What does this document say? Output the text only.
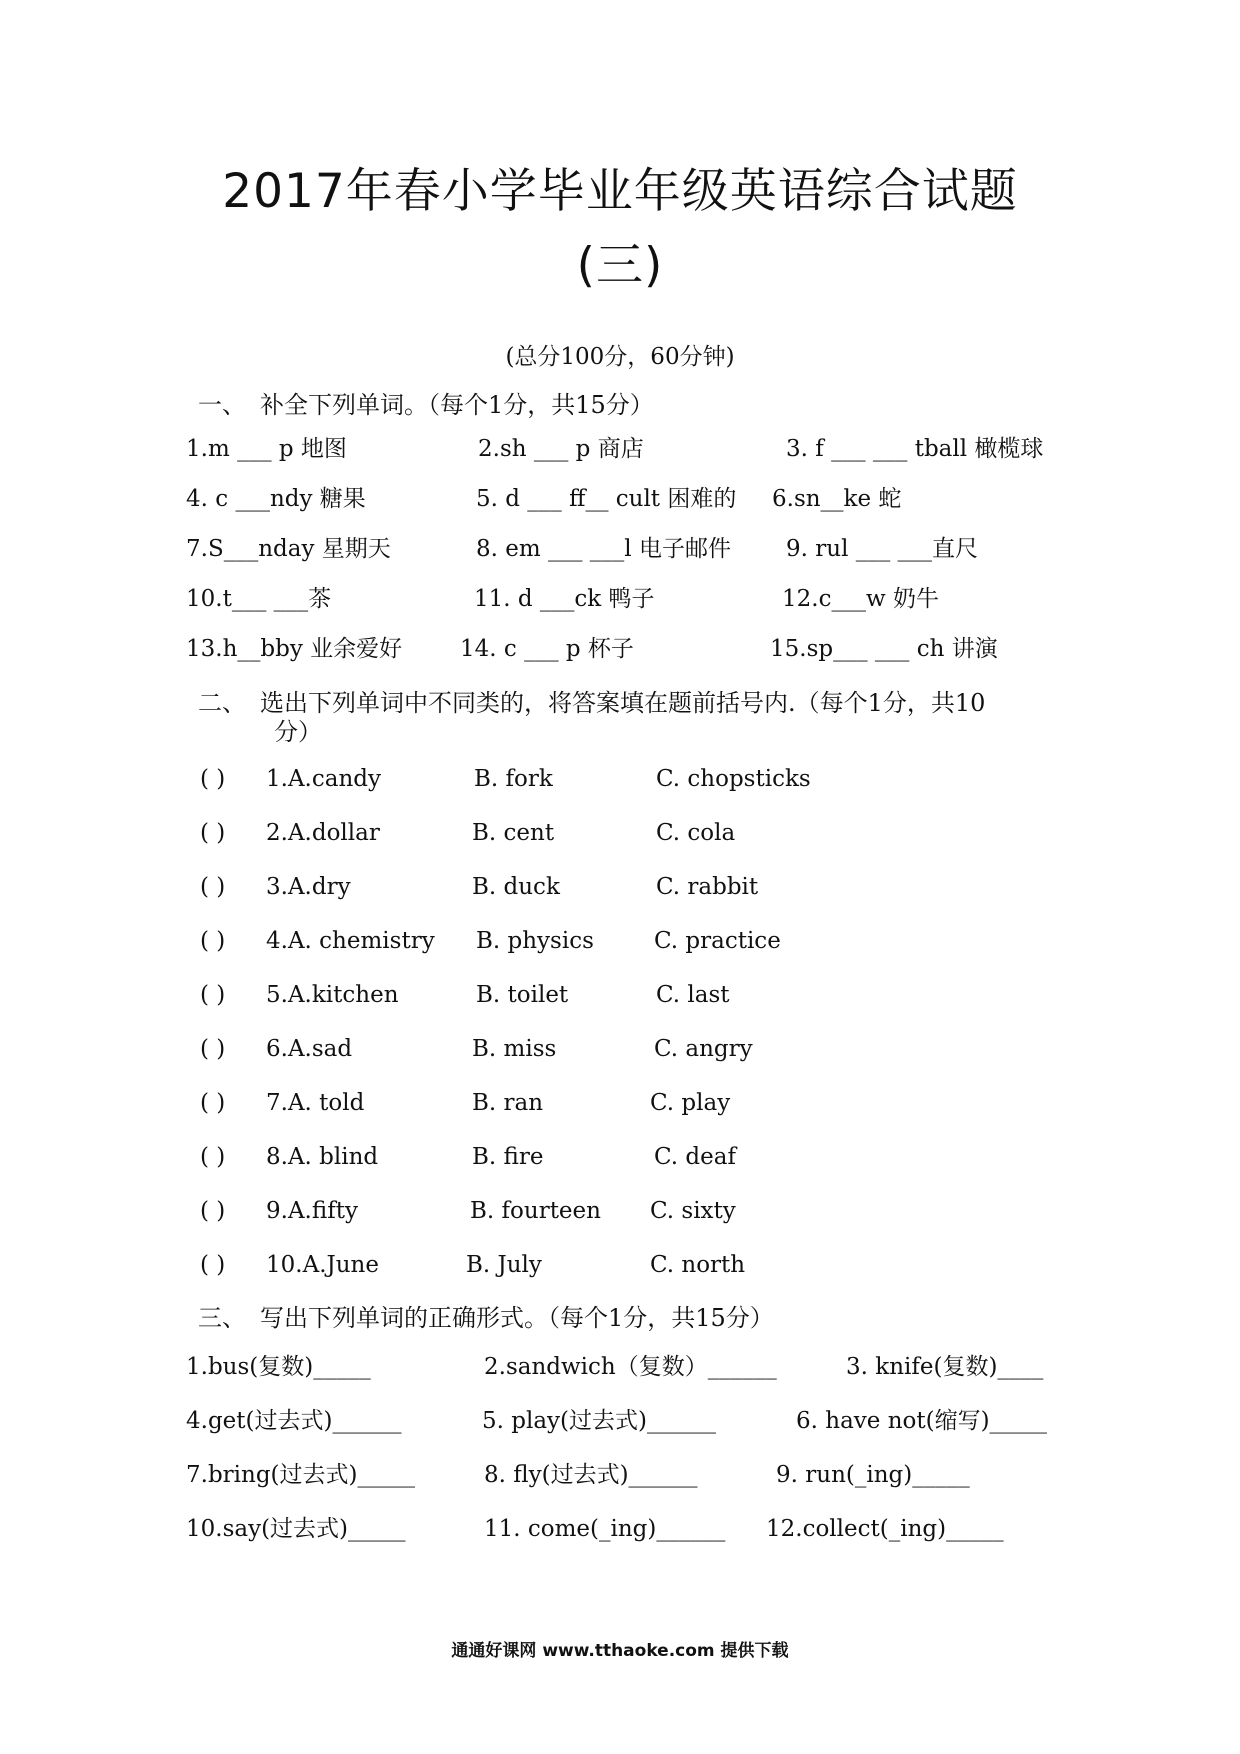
2017年春小学毕业年级英语综合试题
(三)
(总分100分，60分钟)
一、 补全下列单词。（每个1分，共15分）
1.m ___ p 地图	2.sh ___ p 商店	3. f ___ ___ tball 橄榄球
4. c ___ndy 糖果	5. d ___ ff__ cult 困难的 6.sn__ke 蛇
7.S___nday 星期天	8. em ___ ___l 电子邮件 9. rul ___ ___直尺
10.t___ ___茶	11. d ___ck 鸭子	12.c___w 奶牛
13.h__bby 业余爱好	14. c ___ p 杯子	15.sp___ ___ ch 讲演
二、 选出下列单词中不同类的，将答案填在题前括号内.（每个1分，共10
分）
( ) 1.A.candy	B. fork	C. chopsticks
( ) 2.A.dollar	B. cent	C. cola
( ) 3.A.dry	B. duck	C. rabbit
( ) 4.A. chemistry B. physics	C. practice
( ) 5.A.kitchen	B. toilet	C. last
( ) 6.A.sad	B. miss	C. angry
( ) 7.A. told	B. ran	C. play
( ) 8.A. blind	B. fire	C. deaf
( ) 9.A.fifty	B. fourteen C. sixty
( ) 10.A.June	B. July	C. north
三、 写出下列单词的正确形式。（每个1分，共15分）
1.bus(复数)_____	2.sandwich（复数）______	3. knife(复数)____
4.get(过去式)______	5. play(过去式)______	6. have not(缩写)_____
7.bring(过去式)_____	8. fly(过去式)______	9. run(_ing)_____
10.say(过去式)_____	11. come(_ing)______ 12.collect(_ing)_____
通通好课网 www.tthaoke.com 提供下载
